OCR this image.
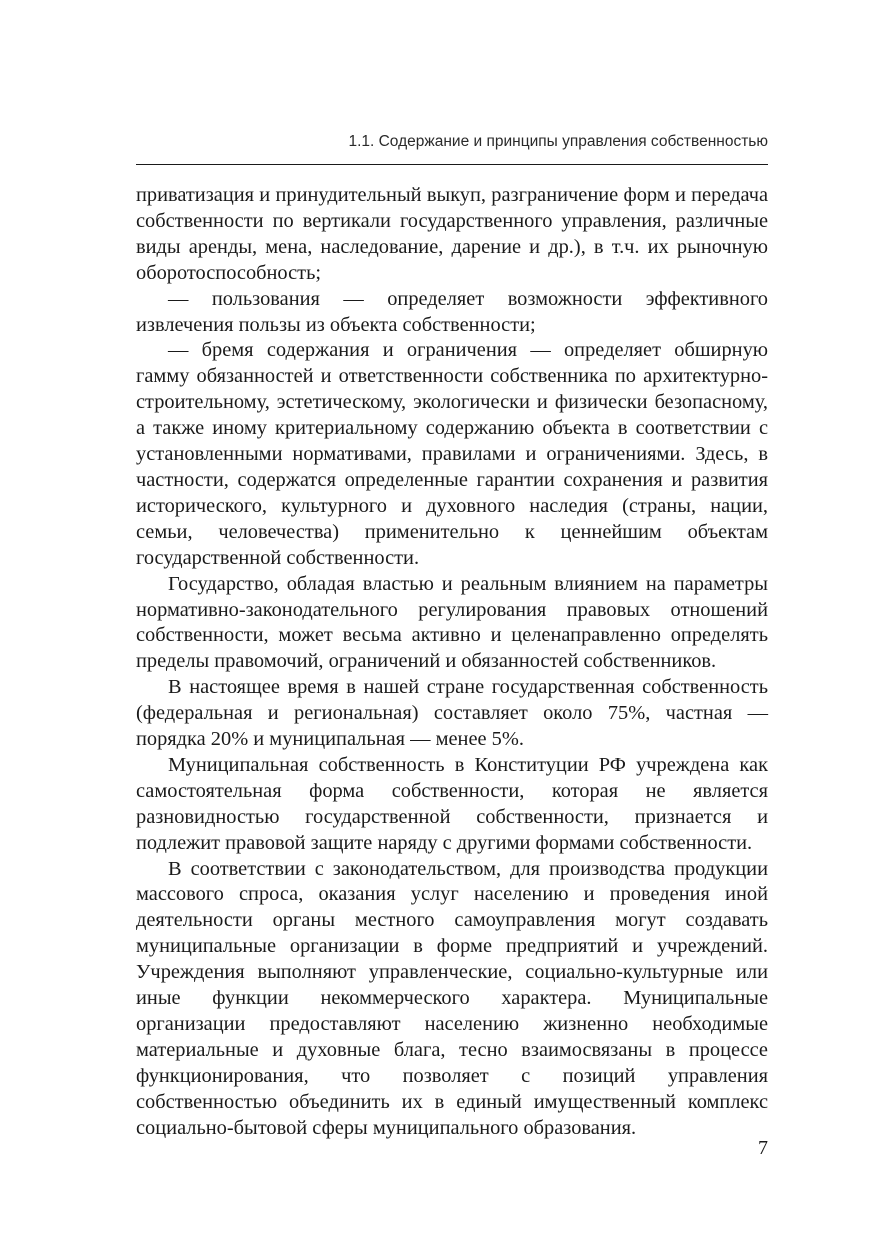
1.1. Содержание и принципы управления собственностью

приватизация и принудительный выкуп, разграничение форм и передача собственности по вертикали государственного управления, различные виды аренды, мена, наследование, дарение и др.), в т.ч. их рыночную оборотоспособность;

— пользования — определяет возможности эффективного извлечения пользы из объекта собственности;

— бремя содержания и ограничения — определяет обширную гамму обязанностей и ответственности собственника по архитектурно-строительному, эстетическому, экологически и физически безопасному, а также иному критериальному содержанию объекта в соответствии с установленными нормативами, правилами и ограничениями. Здесь, в частности, содержатся определенные гарантии сохранения и развития исторического, культурного и духовного наследия (страны, нации, семьи, человечества) применительно к ценнейшим объектам государственной собственности.

Государство, обладая властью и реальным влиянием на параметры нормативно-законодательного регулирования правовых отношений собственности, может весьма активно и целенаправленно определять пределы правомочий, ограничений и обязанностей собственников.

В настоящее время в нашей стране государственная собственность (федеральная и региональная) составляет около 75%, частная — порядка 20% и муниципальная — менее 5%.

Муниципальная собственность в Конституции РФ учреждена как самостоятельная форма собственности, которая не является разновидностью государственной собственности, признается и подлежит правовой защите наряду с другими формами собственности.

В соответствии с законодательством, для производства продукции массового спроса, оказания услуг населению и проведения иной деятельности органы местного самоуправления могут создавать муниципальные организации в форме предприятий и учреждений. Учреждения выполняют управленческие, социально-культурные или иные функции некоммерческого характера. Муниципальные организации предоставляют населению жизненно необходимые материальные и духовные блага, тесно взаимосвязаны в процессе функционирования, что позволяет с позиций управления собственностью объединить их в единый имущественный комплекс социально-бытовой сферы муниципального образования.

7
